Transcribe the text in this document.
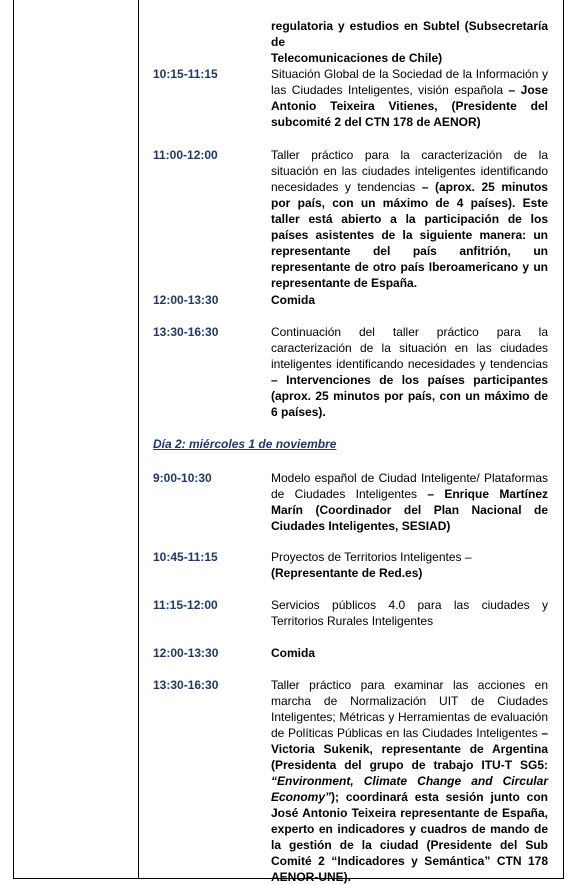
regulatoria y estudios en Subtel (Subsecretaría de
Telecomunicaciones de Chile)
10:15-11:15	Situación Global de la Sociedad de la Información y las Ciudades Inteligentes, visión española – Jose Antonio Teixeira Vitienes, (Presidente del subcomité 2 del CTN 178 de AENOR)
11:00-12:00	Taller práctico para la caracterización de la situación en las ciudades inteligentes identificando necesidades y tendencias – (aprox. 25 minutos por país, con un máximo de 4 países). Este taller está abierto a la participación de los países asistentes de la siguiente manera: un representante del país anfitrión, un representante de otro país Iberoamericano y un representante de España.
12:00-13:30	Comida
13:30-16:30	Continuación del taller práctico para la caracterización de la situación en las ciudades inteligentes identificando necesidades y tendencias – Intervenciones de los países participantes (aprox. 25 minutos por país, con un máximo de 6 países).
Día 2: miércoles 1 de noviembre
9:00-10:30	Modelo español de Ciudad Inteligente/ Plataformas de Ciudades Inteligentes – Enrique Martínez Marín (Coordinador del Plan Nacional de Ciudades Inteligentes, SESIAD)
10:45-11:15	Proyectos de Territorios Inteligentes –
(Representante de Red.es)
11:15-12:00	Servicios públicos 4.0 para las ciudades y Territorios Rurales Inteligentes
12:00-13:30	Comida
13:30-16:30	Taller práctico para examinar las acciones en marcha de Normalización UIT de Ciudades Inteligentes; Métricas y Herramientas de evaluación de Políticas Públicas en las Ciudades Inteligentes – Victoria Sukenik, representante de Argentina (Presidenta del grupo de trabajo ITU-T SG5: “Environment, Climate Change and Circular Economy”); coordinará esta sesión junto con José Antonio Teixeira representante de España, experto en indicadores y cuadros de mando de la gestión de la ciudad (Presidente del Sub Comité 2 “Indicadores y Semántica” CTN 178 AENOR-UNE).
